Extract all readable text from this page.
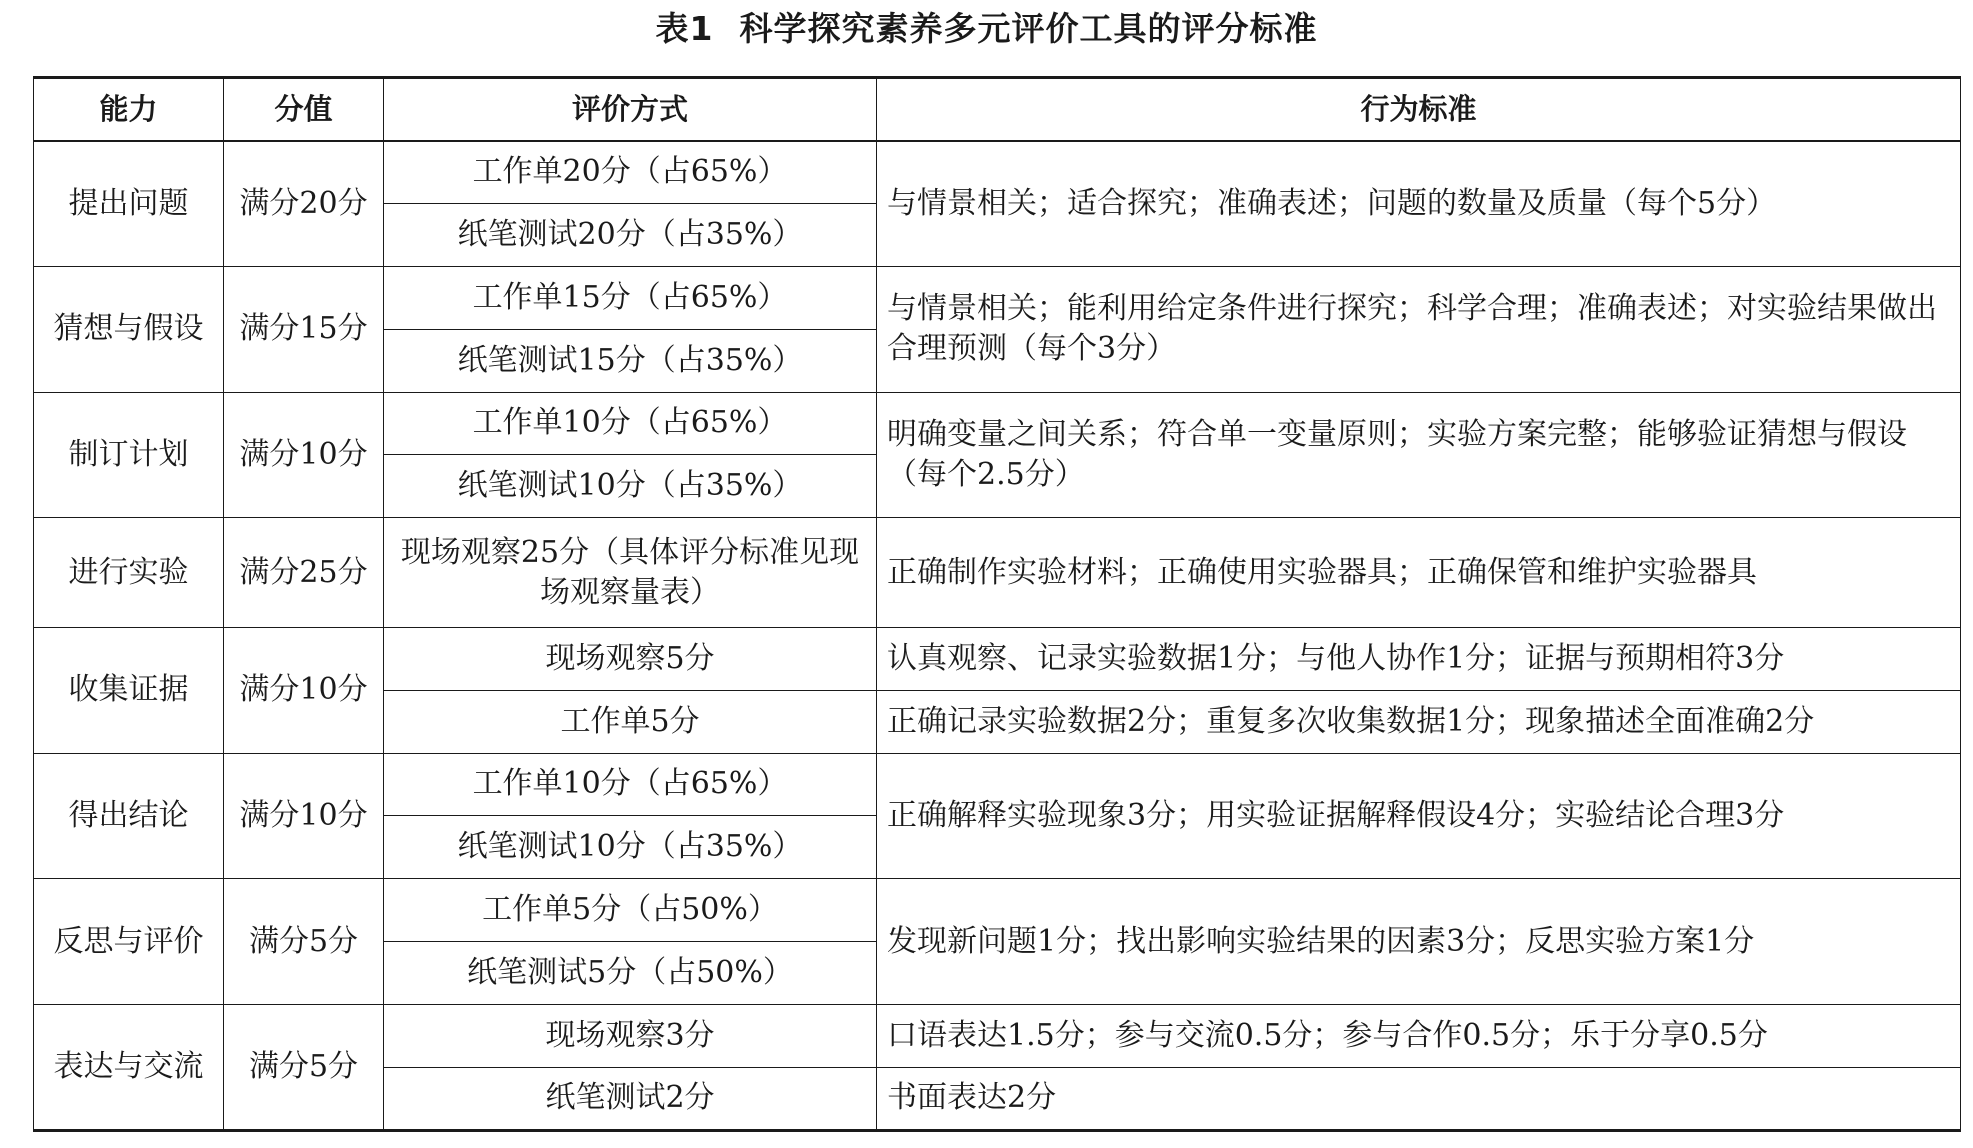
表1 科学探究素养多元评价工具的评分标准
能力	分值	评价方式	行为标准
提出问题	满分20分	工作单20分（占65%）	与情景相关；适合探究；准确表述；问题的数量及质量（每个5分）
		纸笔测试20分（占35%）	
猜想与假设	满分15分	工作单15分（占65%）	与情景相关；能利用给定条件进行探究；科学合理；准确表述；对实验结果做出合理预测（每个3分）
		纸笔测试15分（占35%）	
制订计划	满分10分	工作单10分（占65%）	明确变量之间关系；符合单一变量原则；实验方案完整；能够验证猜想与假设（每个2.5分）
		纸笔测试10分（占35%）	
进行实验	满分25分	现场观察25分（具体评分标准见现场观察量表）	正确制作实验材料；正确使用实验器具；正确保管和维护实验器具
收集证据	满分10分	现场观察5分	认真观察、记录实验数据1分；与他人协作1分；证据与预期相符3分
		工作单5分	正确记录实验数据2分；重复多次收集数据1分；现象描述全面准确2分
得出结论	满分10分	工作单10分（占65%）	正确解释实验现象3分；用实验证据解释假设4分；实验结论合理3分
		纸笔测试10分（占35%）	
反思与评价	满分5分	工作单5分（占50%）	发现新问题1分；找出影响实验结果的因素3分；反思实验方案1分
		纸笔测试5分（占50%）	
表达与交流	满分5分	现场观察3分	口语表达1.5分；参与交流0.5分；参与合作0.5分；乐于分享0.5分
		纸笔测试2分	书面表达2分
